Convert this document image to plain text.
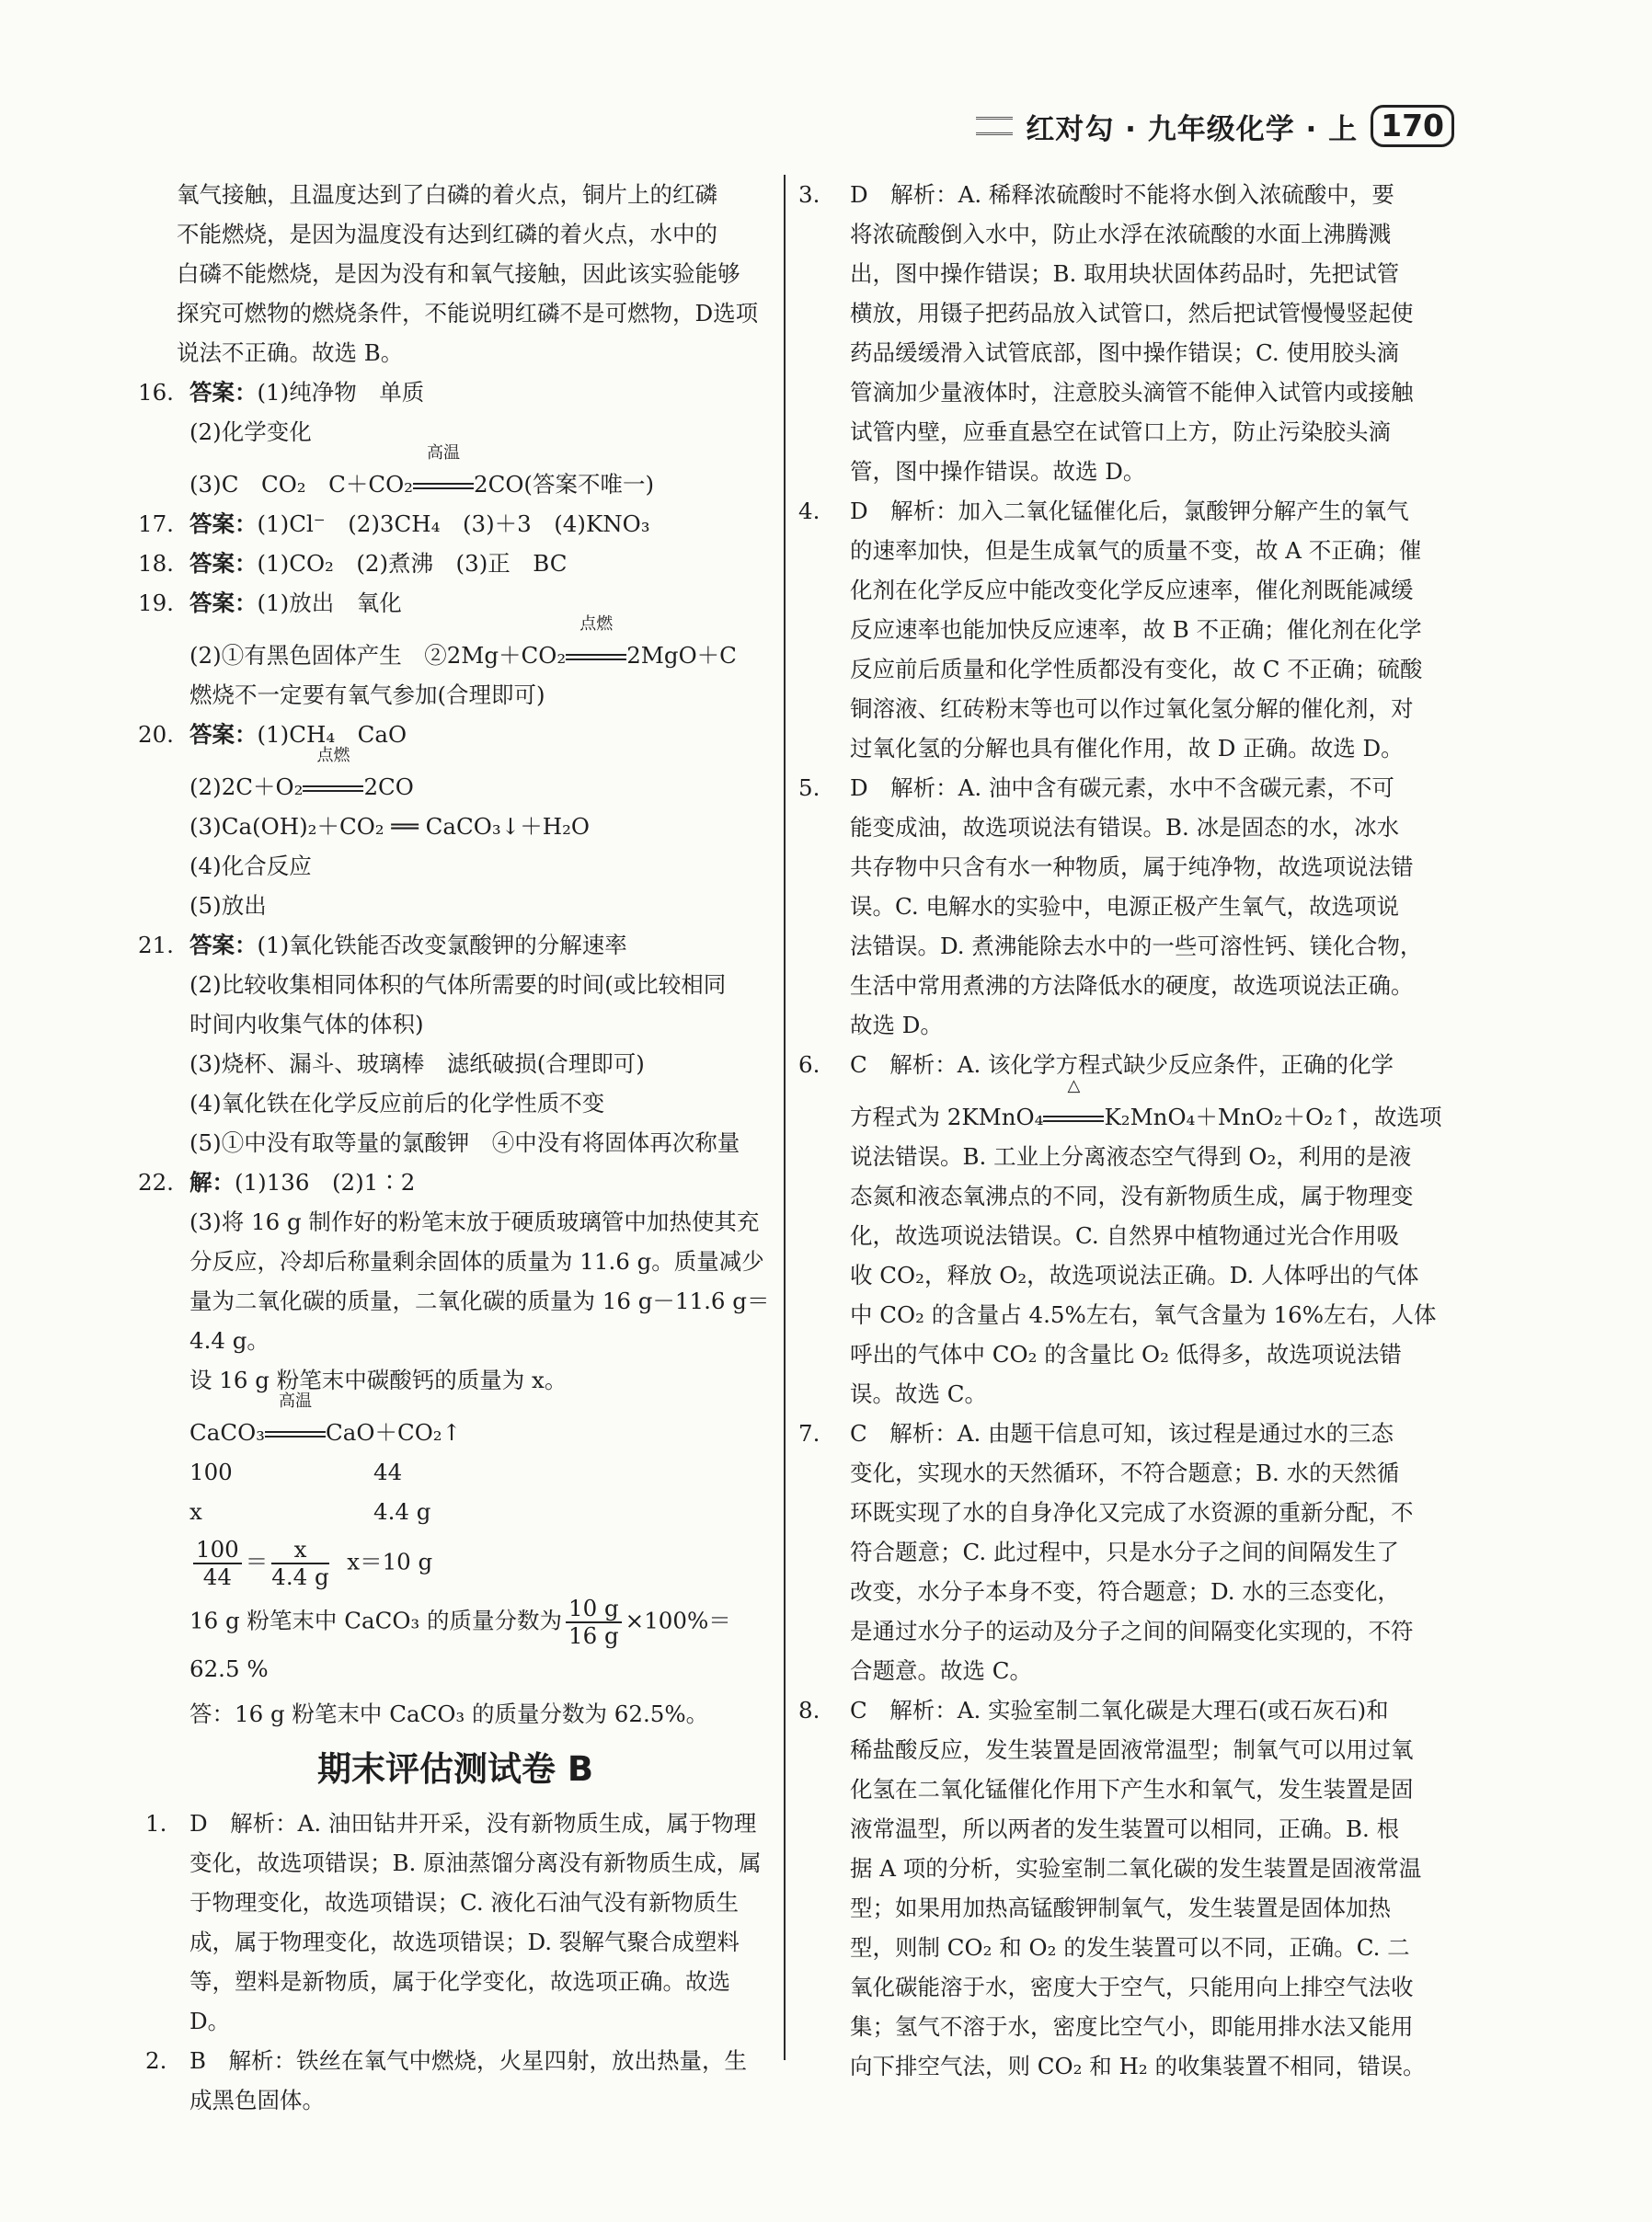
红对勾 · 九年级化学 · 上 170

氧气接触，且温度达到了白磷的着火点，铜片上的红磷

不能燃烧，是因为温度没有达到红磷的着火点，水中的

白磷不能燃烧，是因为没有和氧气接触，因此该实验能够

探究可燃物的燃烧条件，不能说明红磷不是可燃物，D选项

说法不正确。故选 B。

16. 答案：(1)纯净物　单质

(2)化学变化

(3)C　CO₂　C＋CO₂
高温
2CO(答案不唯一)

17. 答案：(1)Cl⁻　(2)3CH₄　(3)＋3　(4)KNO₃

18. 答案：(1)CO₂　(2)煮沸　(3)正　BC

19. 答案：(1)放出　氧化

(2)①有黑色固体产生　②2Mg＋CO₂
点燃
2MgO＋C

燃烧不一定要有氧气参加(合理即可)

20. 答案：(1)CH₄　CaO

(2)2C＋O₂
点燃
2CO

(3)Ca(OH)₂＋CO₂ ══ CaCO₃↓＋H₂O

(4)化合反应

(5)放出

21. 答案：(1)氧化铁能否改变氯酸钾的分解速率

(2)比较收集相同体积的气体所需要的时间(或比较相同

时间内收集气体的体积)

(3)烧杯、漏斗、玻璃棒　滤纸破损(合理即可)

(4)氧化铁在化学反应前后的化学性质不变

(5)①中没有取等量的氯酸钾　④中没有将固体再次称量

22. 解：(1)136　(2)1∶2

(3)将 16 g 制作好的粉笔末放于硬质玻璃管中加热使其充

分反应，冷却后称量剩余固体的质量为 11.6 g。质量减少

量为二氧化碳的质量，二氧化碳的质量为 16 g－11.6 g＝

4.4 g。

设 16 g 粉笔末中碳酸钙的质量为 x。

CaCO₃
高温
CaO＋CO₂↑

100	44

x	4.4 g

$\frac{100}{44} = \frac{x}{4.4 g} x=10$ g

16 g 粉笔末中 CaCO₃ 的质量分数为 $\frac{10 g}{16 g} \times 100\%=62.5$ %

答：16 g 粉笔末中 CaCO₃ 的质量分数为 62.5%。

期末评估测试卷 B
1. D　解析：A. 油田钻井开采，没有新物质生成，属于物理

变化，故选项错误；B. 原油蒸馏分离没有新物质生成，属

于物理变化，故选项错误；C. 液化石油气没有新物质生

成，属于物理变化，故选项错误；D. 裂解气聚合成塑料

等，塑料是新物质，属于化学变化，故选项正确。故选 D。

2. B　解析：铁丝在氧气中燃烧，火星四射，放出热量，生

成黑色固体。

3. D　解析：A. 稀释浓硫酸时不能将水倒入浓硫酸中，要

将浓硫酸倒入水中，防止水浮在浓硫酸的水面上沸腾溅

出，图中操作错误；B. 取用块状固体药品时，先把试管

横放，用镊子把药品放入试管口，然后把试管慢慢竖起使

药品缓缓滑入试管底部，图中操作错误；C. 使用胶头滴

管滴加少量液体时，注意胶头滴管不能伸入试管内或接触

试管内壁，应垂直悬空在试管口上方，防止污染胶头滴

管，图中操作错误。故选 D。

4. D　解析：加入二氧化锰催化后，氯酸钾分解产生的氧气

的速率加快，但是生成氧气的质量不变，故 A 不正确；催

化剂在化学反应中能改变化学反应速率，催化剂既能减缓

反应速率也能加快反应速率，故 B 不正确；催化剂在化学

反应前后质量和化学性质都没有变化，故 C 不正确；硫酸

铜溶液、红砖粉末等也可以作过氧化氢分解的催化剂，对

过氧化氢的分解也具有催化作用，故 D 正确。故选 D。

5. D　解析：A. 油中含有碳元素，水中不含碳元素，不可

能变成油，故选项说法有错误。B. 冰是固态的水，冰水

共存物中只含有水一种物质，属于纯净物，故选项说法错

误。C. 电解水的实验中，电源正极产生氧气，故选项说

法错误。D. 煮沸能除去水中的一些可溶性钙、镁化合物，

生活中常用煮沸的方法降低水的硬度，故选项说法正确。

故选 D。

6. C　解析：A. 该化学方程式缺少反应条件，正确的化学

方程式为 2KMnO₄
△
K₂MnO₄＋MnO₂＋O₂↑，故选项

说法错误。B. 工业上分离液态空气得到 O₂，利用的是液

态氮和液态氧沸点的不同，没有新物质生成，属于物理变

化，故选项说法错误。C. 自然界中植物通过光合作用吸

收 CO₂，释放 O₂，故选项说法正确。D. 人体呼出的气体

中 CO₂ 的含量占 4.5%左右，氧气含量为 16%左右，人体

呼出的气体中 CO₂ 的含量比 O₂ 低得多，故选项说法错

误。故选 C。

7. C　解析：A. 由题干信息可知，该过程是通过水的三态

变化，实现水的天然循环，不符合题意；B. 水的天然循

环既实现了水的自身净化又完成了水资源的重新分配，不

符合题意；C. 此过程中，只是水分子之间的间隔发生了

改变，水分子本身不变，符合题意；D. 水的三态变化，

是通过水分子的运动及分子之间的间隔变化实现的，不符

合题意。故选 C。

8. C　解析：A. 实验室制二氧化碳是大理石(或石灰石)和

稀盐酸反应，发生装置是固液常温型；制氧气可以用过氧

化氢在二氧化锰催化作用下产生水和氧气，发生装置是固

液常温型，所以两者的发生装置可以相同，正确。B. 根

据 A 项的分析，实验室制二氧化碳的发生装置是固液常温

型；如果用加热高锰酸钾制氧气，发生装置是固体加热

型，则制 CO₂ 和 O₂ 的发生装置可以不同，正确。C. 二

氧化碳能溶于水，密度大于空气，只能用向上排空气法收

集；氢气不溶于水，密度比空气小，即能用排水法又能用

向下排空气法，则 CO₂ 和 H₂ 的收集装置不相同，错误。
